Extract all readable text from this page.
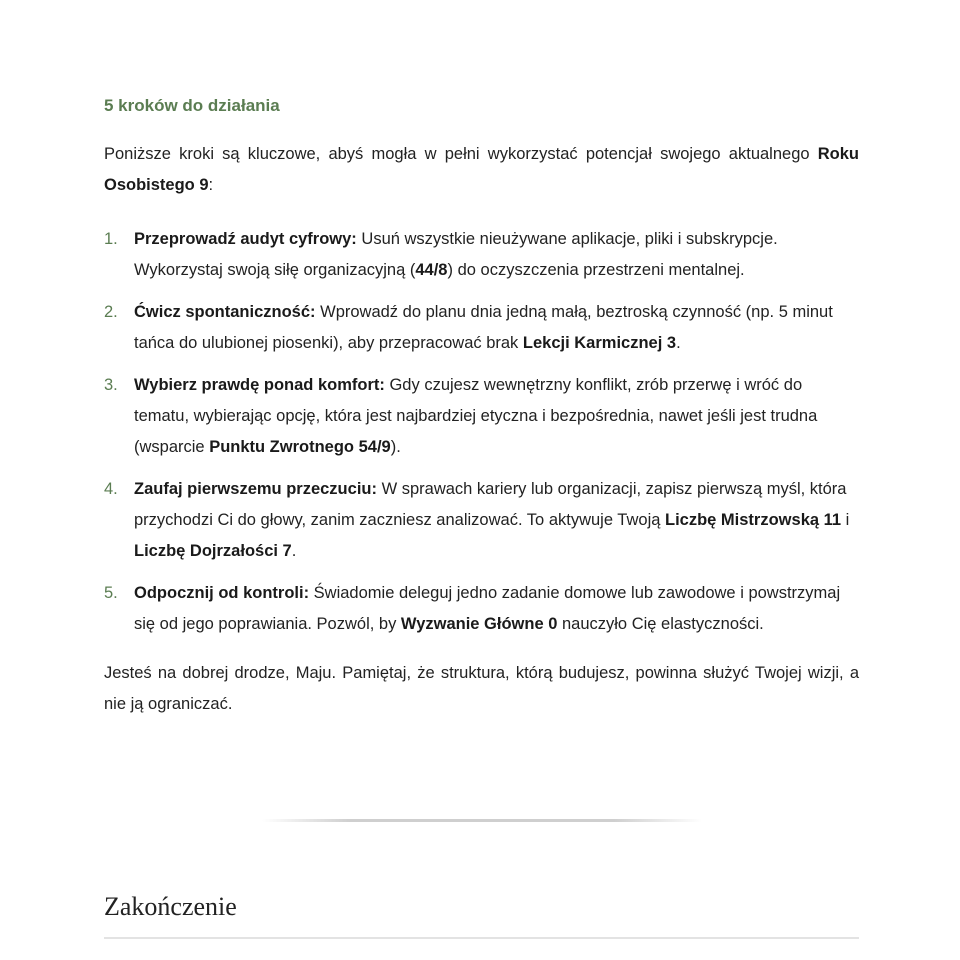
5 kroków do działania

Poniższe kroki są kluczowe, abyś mogła w pełni wykorzystać potencjał swojego aktualnego Roku Osobistego 9:

1. Przeprowadź audyt cyfrowy: Usuń wszystkie nieużywane aplikacje, pliki i subskrypcje. Wykorzystaj swoją siłę organizacyjną (44/8) do oczyszczenia przestrzeni mentalnej.
2. Ćwicz spontaniczność: Wprowadź do planu dnia jedną małą, beztroską czynność (np. 5 minut tańca do ulubionej piosenki), aby przepracować brak Lekcji Karmicznej 3.
3. Wybierz prawdę ponad komfort: Gdy czujesz wewnętrzny konflikt, zrób przerwę i wróć do tematu, wybierając opcję, która jest najbardziej etyczna i bezpośrednia, nawet jeśli jest trudna (wsparcie Punktu Zwrotnego 54/9).
4. Zaufaj pierwszemu przeczuciu: W sprawach kariery lub organizacji, zapisz pierwszą myśl, która przychodzi Ci do głowy, zanim zaczniesz analizować. To aktywuje Twoją Liczbę Mistrzowską 11 i Liczbę Dojrzałości 7.
5. Odpocznij od kontroli: Świadomie deleguj jedno zadanie domowe lub zawodowe i powstrzymaj się od jego poprawiania. Pozwól, by Wyzwanie Główne 0 nauczyło Cię elastyczności.

Jesteś na dobrej drodze, Maju. Pamiętaj, że struktura, którą budujesz, powinna służyć Twojej wizji, a nie ją ograniczać.

Zakończenie
